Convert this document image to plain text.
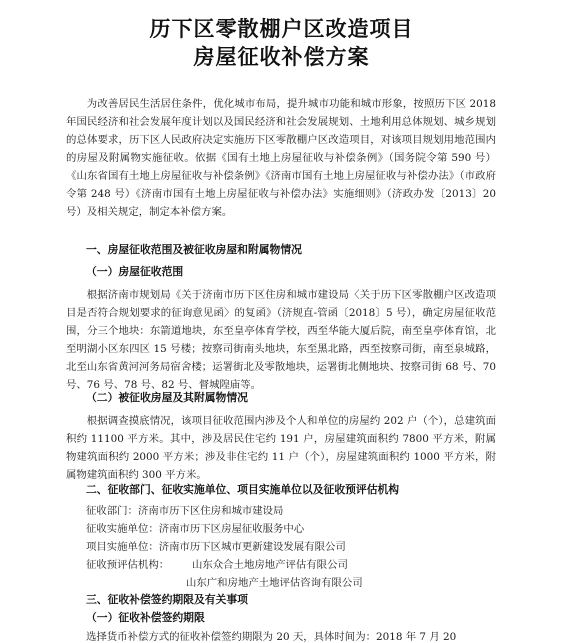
历下区零散棚户区改造项目
房屋征收补偿方案
为改善居民生活居住条件，优化城市布局，提升城市功能和城市形象，按照历下区 2018 年国民经济和社会发展年度计划以及国民经济和社会发展规划、土地利用总体规划、城乡规划的总体要求，历下区人民政府决定实施历下区零散棚户区改造项目，对该项目规划用地范围内的房屋及附属物实施征收。依据《国有土地上房屋征收与补偿条例》（国务院令第 590 号）《山东省国有土地上房屋征收与补偿条例》《济南市国有土地上房屋征收与补偿办法》（市政府令第 248 号）《济南市国有土地上房屋征收与补偿办法》实施细则》（济政办发〔2013〕20 号）及相关规定，制定本补偿方案。
一、房屋征收范围及被征收房屋和附属物情况
（一）房屋征收范围
根据济南市规划局《关于济南市历下区住房和城市建设局〈关于历下区零散棚户区改造项目是否符合规划要求的征询意见函〉的复函》（济规直-管函〔2018〕5 号），确定房屋征收范围，分三个地块：东箭道地块，东至皇亭体育学校，西至华能大厦后院，南至皇亭体育馆，北至明湖小区东四区 15 号楼；按察司街南头地块，东至黑北路，西至按察司街，南至泉城路，北至山东省黄河河务局宿舍楼；运署街北及零散地块，运署街北侧地块、按察司街 68 号、70 号、76 号、78 号、82 号、督城隍庙等。
（二）被征收房屋及其附属物情况
根据调查摸底情况，该项目征收范围内涉及个人和单位的房屋约 202 户（个），总建筑面积约 11100 平方米。其中，涉及居民住宅约 191 户，房屋建筑面积约 7800 平方米，附属物建筑面积约 2000 平方米；涉及非住宅约 11 户（个），房屋建筑面积约 1000 平方米，附属物建筑面积约 300 平方米。
二、征收部门、征收实施单位、项目实施单位以及征收预评估机构
征收部门：济南市历下区住房和城市建设局
征收实施单位：济南市历下区房屋征收服务中心
项目实施单位：济南市历下区城市更新建设发展有限公司
征收预评估机构： 山东众合土地房地产评估有限公司
山东广和房地产土地评估咨询有限公司
三、征收补偿签约期限及有关事项
（一）征收补偿签约期限
选择货币补偿方式的征收补偿签约期限为 20 天，具体时间为：2018 年 7 月 20
